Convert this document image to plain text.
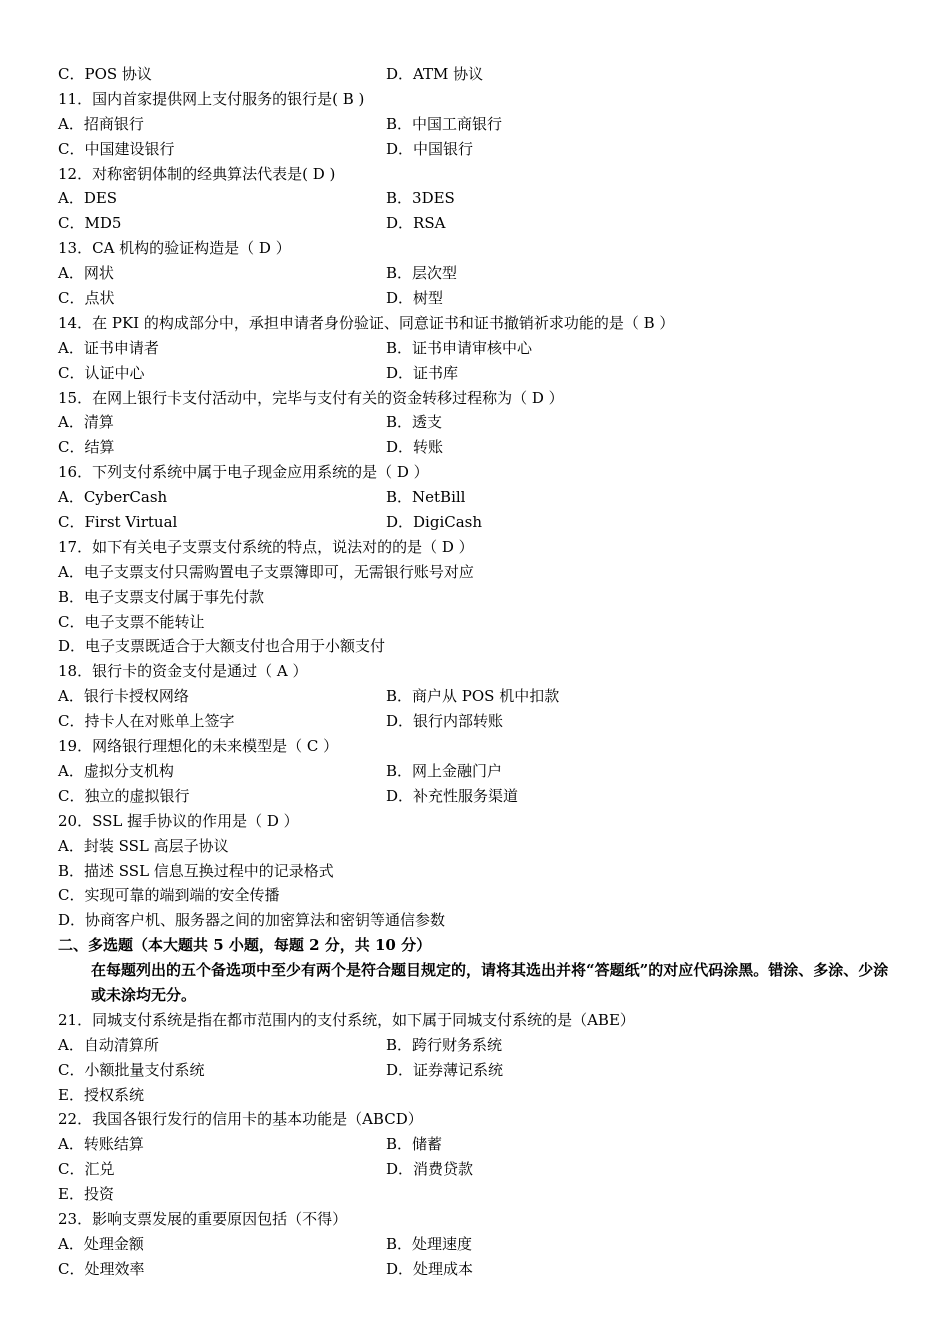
C．POS 协议	D．ATM 协议
11．国内首家提供网上支付服务的银行是( B )
A．招商银行	B．中国工商银行
C．中国建设银行	D．中国银行
12．对称密钥体制的经典算法代表是( D )
A．DES	B．3DES
C．MD5	D．RSA
13．CA 机构的验证构造是（ D ）
A．网状	B．层次型
C．点状	D．树型
14．在 PKI 的构成部分中，承担申请者身份验证、同意证书和证书撤销祈求功能的是（ B ）
A．证书申请者	B．证书申请审核中心
C．认证中心	D．证书库
15．在网上银行卡支付活动中，完毕与支付有关的资金转移过程称为（ D ）
A．清算	B．透支
C．结算	D．转账
16．下列支付系统中属于电子现金应用系统的是（ D ）
A．CyberCash	B．NetBill
C．First Virtual	D．DigiCash
17．如下有关电子支票支付系统的特点，说法对的的是（ D ）
A．电子支票支付只需购置电子支票簿即可，无需银行账号对应
B．电子支票支付属于事先付款
C．电子支票不能转让
D．电子支票既适合于大额支付也合用于小额支付
18．银行卡的资金支付是通过（ A ）
A．银行卡授权网络	B．商户从 POS 机中扣款
C．持卡人在对账单上签字	D．银行内部转账
19．网络银行理想化的未来模型是（ C ）
A．虚拟分支机构	B．网上金融门户
C．独立的虚拟银行	D．补充性服务渠道
20．SSL 握手协议的作用是（ D ）
A．封装 SSL 高层子协议
B．描述 SSL 信息互换过程中的记录格式
C．实现可靠的端到端的安全传播
D．协商客户机、服务器之间的加密算法和密钥等通信参数
二、多选题（本大题共 5 小题，每题 2 分，共 10 分）
在每题列出的五个备选项中至少有两个是符合题目规定的，请将其选出并将“答题纸”的对应代码涂黑。错涂、多涂、少涂或未涂均无分。
21．同城支付系统是指在都市范围内的支付系统，如下属于同城支付系统的是（ABE）
A．自动清算所	B．跨行财务系统
C．小额批量支付系统	D．证券薄记系统
E．授权系统
22．我国各银行发行的信用卡的基本功能是（ABCD）
A．转账结算	B．储蓄
C．汇兑	D．消费贷款
E．投资
23．影响支票发展的重要原因包括（不得）
A．处理金额	B．处理速度
C．处理效率	D．处理成本
